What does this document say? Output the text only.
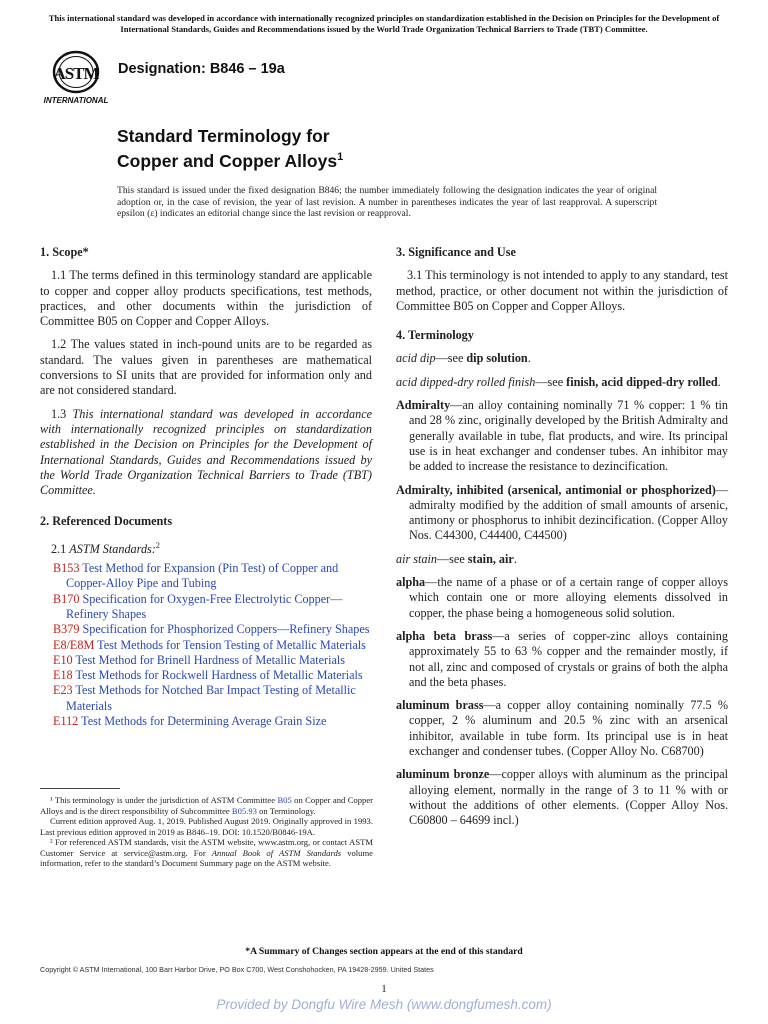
This international standard was developed in accordance with internationally recognized principles on standardization established in the Decision on Principles for the Development of International Standards, Guides and Recommendations issued by the World Trade Organization Technical Barriers to Trade (TBT) Committee.
ASTM
INTERNATIONAL
Designation: B846 – 19a
Standard Terminology for
Copper and Copper Alloys$^1$
This standard is issued under the fixed designation B846; the number immediately following the designation indicates the year of original adoption or, in the case of revision, the year of last revision. A number in parentheses indicates the year of last reapproval. A superscript epsilon (ε) indicates an editorial change since the last revision or reapproval.
1. Scope*
1.1 The terms defined in this terminology standard are applicable to copper and copper alloy products specifications, test methods, practices, and other documents within the jurisdiction of Committee B05 on Copper and Copper Alloys.
1.2 The values stated in inch-pound units are to be regarded as standard. The values given in parentheses are mathematical conversions to SI units that are provided for information only and are not considered standard.
1.3 This international standard was developed in accordance with internationally recognized principles on standardization established in the Decision on Principles for the Development of International Standards, Guides and Recommendations issued by the World Trade Organization Technical Barriers to Trade (TBT) Committee.
2. Referenced Documents
2.1 ASTM Standards:$^2$
B153 Test Method for Expansion (Pin Test) of Copper and Copper-Alloy Pipe and Tubing
B170 Specification for Oxygen-Free Electrolytic Copper—Refinery Shapes
B379 Specification for Phosphorized Coppers—Refinery Shapes
E8/E8M Test Methods for Tension Testing of Metallic Materials
E10 Test Method for Brinell Hardness of Metallic Materials
E18 Test Methods for Rockwell Hardness of Metallic Materials
E23 Test Methods for Notched Bar Impact Testing of Metallic Materials
E112 Test Methods for Determining Average Grain Size
¹ This terminology is under the jurisdiction of ASTM Committee B05 on Copper and Copper Alloys and is the direct responsibility of Subcommittee B05.93 on Terminology.
Current edition approved Aug. 1, 2019. Published August 2019. Originally approved in 1993. Last previous edition approved in 2019 as B846–19. DOI: 10.1520/B0846-19A.
² For referenced ASTM standards, visit the ASTM website, www.astm.org, or contact ASTM Customer Service at service@astm.org. For Annual Book of ASTM Standards volume information, refer to the standard’s Document Summary page on the ASTM website.
3. Significance and Use
3.1 This terminology is not intended to apply to any standard, test method, practice, or other document not within the jurisdiction of Committee B05 on Copper and Copper Alloys.
4. Terminology
acid dip—see dip solution.
acid dipped-dry rolled finish—see finish, acid dipped-dry rolled.
Admiralty—an alloy containing nominally 71 % copper: 1 % tin and 28 % zinc, originally developed by the British Admiralty and generally available in tube, flat products, and wire. Its principal use is in heat exchanger and condenser tubes. An inhibitor may be added to increase the resistance to dezincification.
Admiralty, inhibited (arsenical, antimonial or phosphorized)—admiralty modified by the addition of small amounts of arsenic, antimony or phosphorus to inhibit dezincification. (Copper Alloy Nos. C44300, C44400, C44500)
air stain—see stain, air.
alpha—the name of a phase or of a certain range of copper alloys which contain one or more alloying elements dissolved in copper, the phase being a homogeneous solid solution.
alpha beta brass—a series of copper-zinc alloys containing approximately 55 to 63 % copper and the remainder mostly, if not all, zinc and composed of crystals or grains of both the alpha and the beta phases.
aluminum brass—a copper alloy containing nominally 77.5 % copper, 2 % aluminum and 20.5 % zinc with an arsenical inhibitor, available in tube form. Its principal use is in heat exchanger and condenser tubes. (Copper Alloy No. C68700)
aluminum bronze—copper alloys with aluminum as the principal alloying element, normally in the range of 3 to 11 % with or without the additions of other elements. (Copper Alloy Nos. C60800 – 64699 incl.)
*A Summary of Changes section appears at the end of this standard
Copyright © ASTM International, 100 Barr Harbor Drive, PO Box C700, West Conshohocken, PA 19428-2959. United States
1
Provided by Dongfu Wire Mesh (www.dongfumesh.com)
